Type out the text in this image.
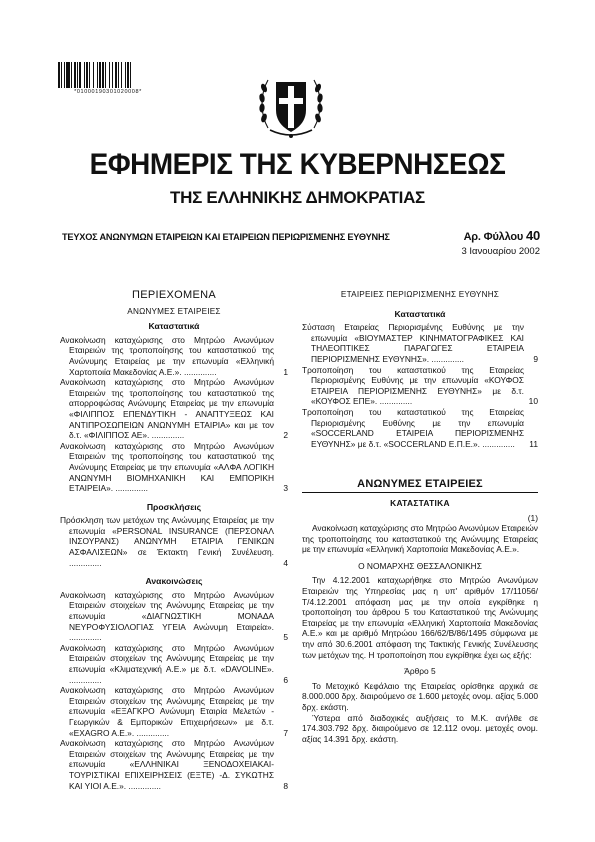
*01000190301020008*
ΕΦΗΜΕΡΙΣ ΤΗΣ ΚΥΒΕΡΝΗΣΕΩΣ
ΤΗΣ ΕΛΛΗΝΙΚΗΣ ΔΗΜΟΚΡΑΤΙΑΣ
ΤΕΥΧΟΣ ΑΝΩΝΥΜΩΝ ΕΤΑΙΡΕΙΩΝ ΚΑΙ ΕΤΑΙΡΕΙΩΝ ΠΕΡΙΩΡΙΣΜΕΝΗΣ ΕΥΘΥΝΗΣ	Αρ. Φύλλου 40
3 Ιανουαρίου 2002
ΠΕΡΙΕΧΟΜΕΝΑ
ΑΝΩΝΥΜΕΣ ΕΤΑΙΡΕΙΕΣ
Καταστατικά
Ανακοίνωση καταχώρισης στο Μητρώο Ανωνύμων Εταιρειών της τροποποίησης του καταστατικού της Ανώνυμης Εταιρείας με την επωνυμία «Ελληνική Χαρτοποιία Μακεδονίας Α.Ε.». ..............	1
Ανακοίνωση καταχώρισης στο Μητρώο Ανωνύμων Εταιρειών της τροποποίησης του καταστατικού της απορροφώσας Ανώνυμης Εταιρείας με την επωνυμία «ΦΙΛΙΠΠΟΣ ΕΠΕΝΔΥΤΙΚΗ - ΑΝΑΠΤΥΞΕΩΣ ΚΑΙ ΑΝΤΙΠΡΟΣΩΠΕΙΩΝ ΑΝΩΝΥΜΗ ΕΤΑΙΡΙΑ» και με τον δ.τ. «ΦΙΛΙΠΠΟΣ ΑΕ». ..............	2
Ανακοίνωση καταχώρισης στο Μητρώο Ανωνύμων Εταιρειών της τροποποίησης του καταστατικού της Ανώνυμης Εταιρείας με την επωνυμία «ΑΛΦΑ ΛΟΓΙΚΗ ΑΝΩΝΥΜΗ ΒΙΟΜΗΧΑΝΙΚΗ ΚΑΙ ΕΜΠΟΡΙΚΗ ΕΤΑΙΡΕΙΑ». ..............	3
Προσκλήσεις
Πρόσκληση των μετόχων της Ανώνυμης Εταιρείας με την επωνυμία «PERSONAL INSURANCE (ΠΕΡΣΟΝΑΛ ΙΝΣΟΥΡΑΝΣ) ΑΝΩΝΥΜΗ ΕΤΑΙΡΙΑ ΓΕΝΙΚΩΝ ΑΣΦΑΛΙΣΕΩΝ» σε Έκτακτη Γενική Συνέλευση. ..............	4
Ανακοινώσεις
Ανακοίνωση καταχώρισης στο Μητρώο Ανωνύμων Εταιρειών στοιχείων της Ανώνυμης Εταιρείας με την επωνυμία «ΔΙΑΓΝΩΣΤΙΚΗ ΜΟΝΑΔΑ ΝΕΥΡΟΦΥΣΙΟΛΟΓΙΑΣ ΥΓΕΙΑ Ανώνυμη Εταιρεία». ..............	5
Ανακοίνωση καταχώρισης στο Μητρώο Ανωνύμων Εταιρειών στοιχείων της Ανώνυμης Εταιρείας με την επωνυμία «Κλιματεχνική Α.Ε.» με δ.τ. «DAVOLINE». ..............	6
Ανακοίνωση καταχώρισης στο Μητρώο Ανωνύμων Εταιρειών στοιχείων της Ανώνυμης Εταιρείας με την επωνυμία «ΕΞΑΓΚΡΟ Ανώνυμη Εταιρία Μελετών - Γεωργικών & Εμπορικών Επιχειρήσεων» με δ.τ. «EXAGRO A.E.». ..............	7
Ανακοίνωση καταχώρισης στο Μητρώο Ανωνύμων Εταιρειών στοιχείων της Ανώνυμης Εταιρείας με την επωνυμία «ΕΛΛΗΝΙΚΑΙ ΞΕΝΟΔΟΧΕΙΑΚΑΙ-ΤΟΥΡΙΣΤΙΚΑΙ ΕΠΙΧΕΙΡΗΣΕΙΣ (ΕΞΤΕ) -Δ. ΣΥΚΩΤΗΣ ΚΑΙ ΥΙΟΙ Α.Ε.». ..............	8
ΕΤΑΙΡΕΙΕΣ ΠΕΡΙΩΡΙΣΜΕΝΗΣ ΕΥΘΥΝΗΣ
Καταστατικά
Σύσταση Εταιρείας Περιορισμένης Ευθύνης με την επωνυμία «ΒΙΟΥΜΑΣΤΕΡ ΚΙΝΗΜΑΤΟΓΡΑΦΙΚΕΣ ΚΑΙ ΤΗΛΕΟΠΤΙΚΕΣ ΠΑΡΑΓΩΓΕΣ ΕΤΑΙΡΕΙΑ ΠΕΡΙΟΡΙΣΜΕΝΗΣ ΕΥΘΥΝΗΣ». ..............	9
Τροποποίηση του καταστατικού της Εταιρείας Περιορισμένης Ευθύνης με την επωνυμία «ΚΟΥΦΟΣ ΕΤΑΙΡΕΙΑ ΠΕΡΙΟΡΙΣΜΕΝΗΣ ΕΥΘΥΝΗΣ» με δ.τ. «ΚΟΥΦΟΣ ΕΠΕ». ..............	10
Τροποποίηση του καταστατικού της Εταιρείας Περιορισμένης Ευθύνης με την επωνυμία «SOCCERLAND ΕΤΑΙΡΕΙΑ ΠΕΡΙΟΡΙΣΜΕΝΗΣ ΕΥΘΥΝΗΣ» με δ.τ. «SOCCERLAND Ε.Π.Ε.». ..............	11
ΑΝΩΝΥΜΕΣ ΕΤΑΙΡΕΙΕΣ
ΚΑΤΑΣΤΑΤΙΚΑ
(1)

Ανακοίνωση καταχώρισης στο Μητρώο Ανωνύμων Εταιρειών της τροποποίησης του καταστατικού της Ανώνυμης Εταιρείας με την επωνυμία «Ελληνική Χαρτοποιία Μακεδονίας Α.Ε.».

Ο ΝΟΜΑΡΧΗΣ ΘΕΣΣΑΛΟΝΙΚΗΣ

Την 4.12.2001 καταχωρήθηκε στο Μητρώο Ανωνύμων Εταιρειών της Υπηρεσίας μας η υπ' αριθμόν 17/11056/Τ/4.12.2001 απόφαση μας με την οποία εγκρίθηκε η τροποποίηση του άρθρου 5 του Καταστατικού της Ανώνυμης Εταιρείας με την επωνυμία «Ελληνική Χαρτοποιία Μακεδονίας Α.Ε.» και με αριθμό Μητρώου 166/62/Β/86/1495 σύμφωνα με την από 30.6.2001 απόφαση της Τακτικής Γενικής Συνέλευσης των μετόχων της. Η τροποποίηση που εγκρίθηκε έχει ως εξής:

Άρθρο 5

Το Μετοχικό Κεφάλαιο της Εταιρείας ορίσθηκε αρχικά σε 8.000.000 δρχ. διαιρούμενο σε 1.600 μετοχές ονομ. αξίας 5.000 δρχ. εκάστη.

Ύστερα από διαδοχικές αυξήσεις το Μ.Κ. ανήλθε σε 174.303.792 δρχ. διαιρούμενο σε 12.112 ονομ. μετοχές ονομ. αξίας 14.391 δρχ. εκάστη.
